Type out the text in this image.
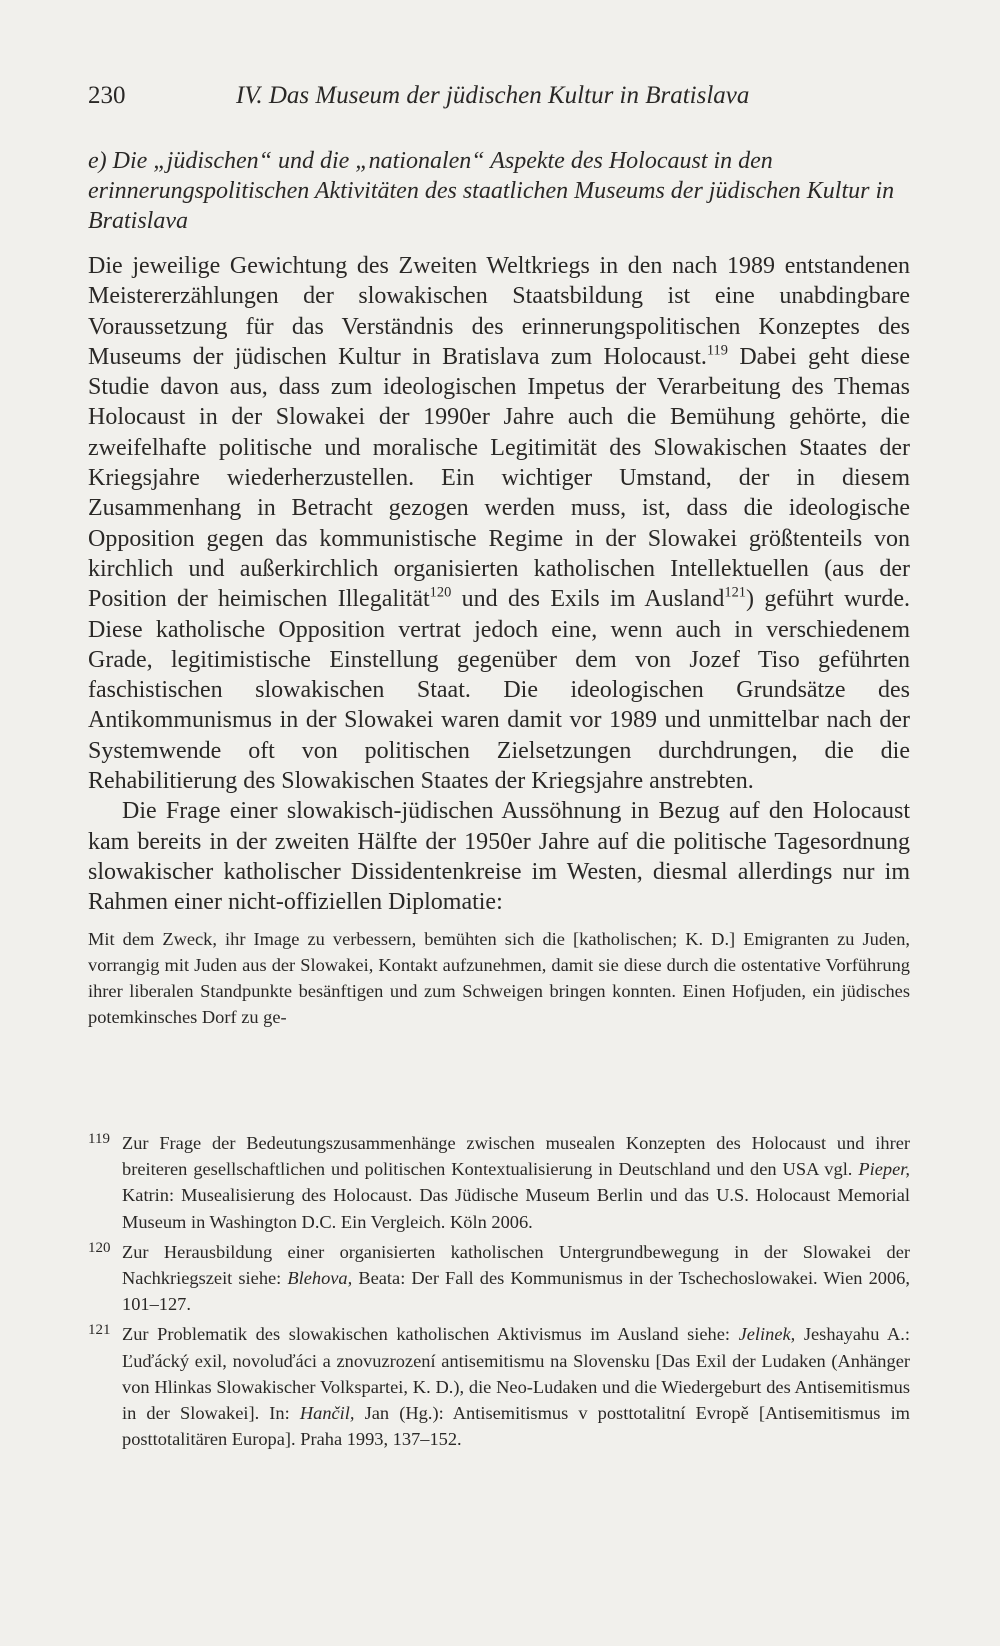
230	IV. Das Museum der jüdischen Kultur in Bratislava
e) Die „jüdischen“ und die „nationalen“ Aspekte des Holocaust in den erinnerungspolitischen Aktivitäten des staatlichen Museums der jüdischen Kultur in Bratislava

Die jeweilige Gewichtung des Zweiten Weltkriegs in den nach 1989 entstandenen Meistererzählungen der slowakischen Staatsbildung ist eine unabdingbare Voraussetzung für das Verständnis des erinnerungspolitischen Konzeptes des Museums der jüdischen Kultur in Bratislava zum Holocaust.$^{119}$ Dabei geht diese Studie davon aus, dass zum ideologischen Impetus der Verarbeitung des Themas Holocaust in der Slowakei der 1990er Jahre auch die Bemühung gehörte, die zweifelhafte politische und moralische Legitimität des Slowakischen Staates der Kriegsjahre wiederherzustellen. Ein wichtiger Umstand, der in diesem Zusammenhang in Betracht gezogen werden muss, ist, dass die ideologische Opposition gegen das kommunistische Regime in der Slowakei größtenteils von kirchlich und außerkirchlich organisierten katholischen Intellektuellen (aus der Position der heimischen Illegalität$^{120}$ und des Exils im Ausland$^{121}$) geführt wurde. Diese katholische Opposition vertrat jedoch eine, wenn auch in verschiedenem Grade, legitimistische Einstellung gegenüber dem von Jozef Tiso geführten faschistischen slowakischen Staat. Die ideologischen Grundsätze des Antikommunismus in der Slowakei waren damit vor 1989 und unmittelbar nach der Systemwende oft von politischen Zielsetzungen durchdrungen, die die Rehabilitierung des Slowakischen Staates der Kriegsjahre anstrebten.

Die Frage einer slowakisch-jüdischen Aussöhnung in Bezug auf den Holocaust kam bereits in der zweiten Hälfte der 1950er Jahre auf die politische Tagesordnung slowakischer katholischer Dissidentenkreise im Westen, diesmal allerdings nur im Rahmen einer nicht-offiziellen Diplomatie:

Mit dem Zweck, ihr Image zu verbessern, bemühten sich die [katholischen; K. D.] Emigranten zu Juden, vorrangig mit Juden aus der Slowakei, Kontakt aufzunehmen, damit sie diese durch die ostentative Vorführung ihrer liberalen Standpunkte besänftigen und zum Schweigen bringen konnten. Einen Hofjuden, ein jüdisches potemkinsches Dorf zu ge-
119 Zur Frage der Bedeutungszusammenhänge zwischen musealen Konzepten des Holocaust und ihrer breiteren gesellschaftlichen und politischen Kontextualisierung in Deutschland und den USA vgl. Pieper, Katrin: Musealisierung des Holocaust. Das Jüdische Museum Berlin und das U.S. Holocaust Memorial Museum in Washington D.C. Ein Vergleich. Köln 2006.
120 Zur Herausbildung einer organisierten katholischen Untergrundbewegung in der Slowakei der Nachkriegszeit siehe: Blehova, Beata: Der Fall des Kommunismus in der Tschechoslowakei. Wien 2006, 101–127.
121 Zur Problematik des slowakischen katholischen Aktivismus im Ausland siehe: Jelinek, Jeshayahu A.: Ľuďácký exil, novoluďáci a znovuzrození antisemitismu na Slovensku [Das Exil der Ludaken (Anhänger von Hlinkas Slowakischer Volkspartei, K. D.), die Neo-Ludaken und die Wiedergeburt des Antisemitismus in der Slowakei]. In: Hančil, Jan (Hg.): Antisemitismus v posttotalitní Evropě [Antisemitismus im posttotalitären Europa]. Praha 1993, 137–152.
